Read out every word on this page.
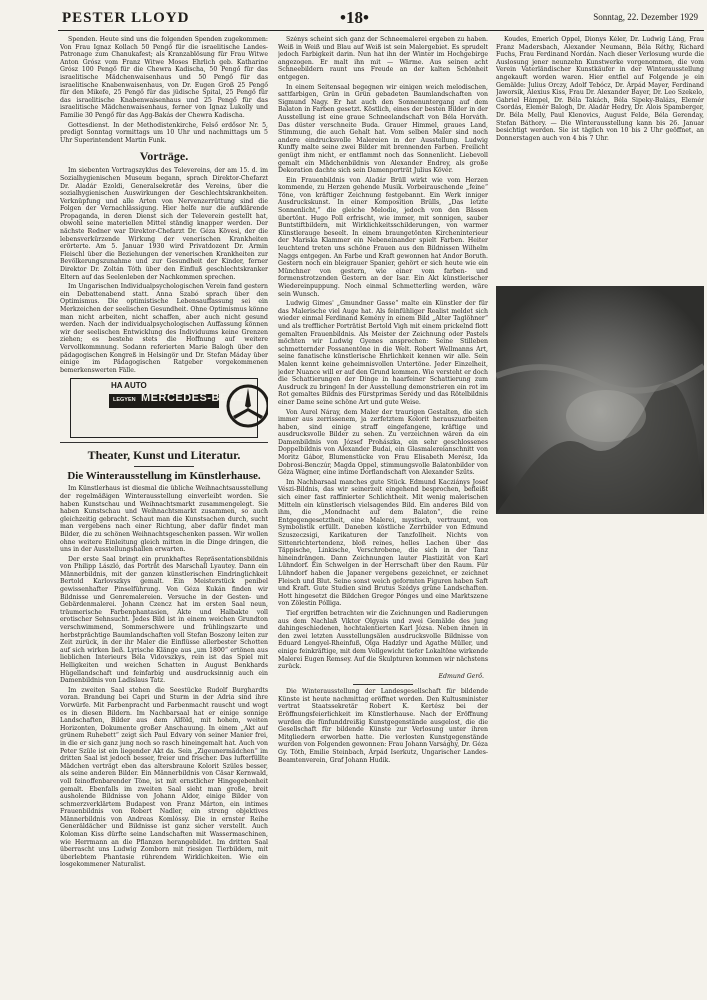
PESTER LLOYD	•18•	Sonntag, 22. Dezember 1929

Spenden. Heute sind uns die folgenden Spenden zugekommen: Von Frau Ignaz Kollach 50 Pengő für die israelitische Landes-Patronage zum Chanukafest; als Kranzablösung für Frau Witwe Anton Grósz vom Franz Witwe Moses Ehrlich geb. Katharine Grósz 100 Pengő für die Chewra Kadischa, 50 Pengő für das israelitische Mädchenwaisenhaus und 50 Pengő für das israelitische Knabenwaisenhaus, von Dr. Eugen Groß 25 Pengő für den Mikefe, 25 Pengő für das jüdische Spital, 25 Pengő für das israelitische Knabenwaisenhaus und 25 Pengő für das israelitische Mädchenwaisenhaus, ferner von Ignaz Lukolly und Familie 30 Pengő für das Agg-Bakás der Chewra Kadischa.

Gottesdienst. In der Methodistenkirche, Felső erdősor Nr. 5, predigt Sonntag vormittags um 10 Uhr und nachmittags um 5 Uhr Superintendent Martin Funk.

Vorträge.

Im siebenten Vortragszyklus des Televereins, der am 15. d. im Sozialhygienischen Museum begann, sprach Direktor-Chefarzt Dr. Aladár Ezoldi, Generalsekretär des Vereins, über die sozialhygienischen Auswirkungen der Geschlechtskrankheiten. Verknüpfung und alle Arten von Nervenzerrüttung sind die Folgen der Vernachlässigung. Hier helfe nur die aufklärende Propaganda, in deren Dienst sich der Televerein gestellt hat, obwohl seine materiellen Mittel ständig knapper werden. Der nächste Redner war Direktor-Chefarzt Dr. Géza Kövesi, der die lebensverkürzende Wirkung der venerischen Krankheiten erörterte. Am 5. Januar 1930 wird Privatdozent Dr. Armin Fleischl über die Beziehungen der venerischen Krankheiten zur Bevölkerungszunahme und zur Gesundheit der Kinder, ferner Direktor Dr. Zoltán Tóth über den Einfluß geschlechtskranker Eltern auf das Seelenleben der Nachkommen sprechen.

Im Ungarischen Individualpsychologischen Verein fand gestern ein Debattenabend statt. Anna Szabó sprach über den Optimismus. Die optimistische Lebensauffassung sei ein Merkzeichen der seelischen Gesundheit. Ohne Optimismus könne man nicht arbeiten, nicht schaffen, aber auch nicht gesund werden. Nach der individualpsychologischen Auffassung können wir der seelischen Entwicklung des Individuums keine Grenzen ziehen; es bestehe stets die Hoffnung auf weitere Vervollkommnung. Sodann referierten Marie Balogh über den pädagogischen Kongreß in Helsingör und Dr. Stefan Máday über einige im Pädagogischen Ratgeber vorgekommenen bemerkenswerten Fälle.

HA AUTO
LEGYEN MERCEDES-BENZ
Theater, Kunst und Literatur.
Die Winterausstellung im Künstlerhause.

Im Künstlerhaus ist diesmal die übliche Weihnachtsausstellung der regelmäßigen Winterausstellung einverleibt worden. Sie haben Kunstschau und Weihnachtsmarkt zusammengelegt. Sie haben Kunstschau und Weihnachtsmarkt zusammen, so auch gleichzeitig gebracht. Schaut man die Kunstsachen durch, sucht man vergebens nach einer Richtung, aber dafür findet man Bilder, die zu schönen Weihnachtsgeschenken passen. Wir wollen ohne weitere Einleitung gleich mitten in die Dinge dringen, die uns in der Ausstellungshallen erwarten.

Der erste Saal bringt ein prunkhaftes Repräsentationsbildnis von Philipp László, das Porträt des Marschall Lyautey. Dann ein Männerbildnis, mit der ganzen künstlerischen Eindringlichkeit Bertold Karlovszkys gemalt. Ein Meisterstück penibel gewissenhafter Pinselführung. Von Géza Kukán finden wir Bildnisse und Genremalereien. Versuche in der Gesten- und Gebärdenmalerei. Johann Czencz hat im ersten Saal neun, träumerische Farbenphantasien, Akte und Halbakte voll erotischer Sehnsucht. Jedes Bild ist in einem weichen Grundton verschwimmend, Sommerschwere und frühlingszarte und herbstprächtige Baumlandschaften voll Stefan Boszony leiten zur Zeit zurück, in der ihr Maler die Einflüsse allerbester Schotten auf sich wirken ließ. Lyrische Klänge aus „um 1800“ ertönen aus lieblichen Interieurs Béla Vidovszkys, rein ist das Spiel mit Helligkeiten und weichen Schatten in August Benkhards Hügellandschaft und feinfarbig und ausdrucksinnig auch ein Damenbildnis von Ladislaus Tatz.

Im zweiten Saal stehen die Seestücke Rudolf Burghardts voran. Brandung bei Capri und Sturm in der Adria sind ihre Vorwürfe. Mit Farbenpracht und Farbenmacht rauscht und wogt es in diesen Bildern. Im Nachbarsaal hat er einige sonnige Landschaften, Bilder aus dem Alföld, mit hohem, weiten Horizonten, Dokumente großer Anschauung. In einem „Akt auf grünem Ruhebett“ zeigt sich Paul Edvary von seiner Manier frei, in die er sich ganz jung noch so rasch hineingemalt hat. Auch von Peter Szüle ist ein liegender Akt da. Sein „Zigeunermädchen“ im dritten Saal ist jedoch besser, freier und frischer. Das lufterfüllte Mädchen verträgt eben das altersbraune Kolorit Szüles besser, als seine anderen Bilder. Ein Männerbildnis von Cäsar Kernwald, voll feinoffenbarender Töne, ist mit ernstlicher Hingegebenheit gemalt. Ebenfalls im zweiten Saal sieht man große, breit ausholende Bildnisse von Johann Aldor, einige Bilder von schmerzverklärtem Budapest von Franz Márton, ein intimes Frauenbildnis von Robert Nadler, ein streng objektives Männerbildnis von Andreas Komlóssy. Die in ernster Reihe Generäldächer und Bildnisse ist ganz sicher verstellt. Auch Koloman Kiss dürfte seine Landschaften mit Wassermaschinen, wie Herrmann an die Pflanzen herangebildet. Im dritten Saal überrascht uns Ludwig Zomborn mit riesigen Tierbildern, mit überlebtem Phantasie rührendem Wirklichkeiten. Wie ein losgekommener Naturalist.

Szénys scheint sich ganz der Schneemalerei ergeben zu haben. Weiß in Weiß und Blau auf Weiß ist sein Malergebiet. Es sprudelt jedoch Farbigkeit darin. Nun hat ihn der Winter im Hochgebirge angezogen. Er malt ihn mit — Wärme. Aus seinen acht Schneebildern raunt uns Freude an der kalten Schönheit entgegen.

In einem Seitensaal begegnen wir einigen weich melodischen, sattfarbigen, Grün in Grün gebadeten Baumlandschaften von Sigmund Nagy. Er hat auch den Sonnenuntergang auf dem Balaton in Farben gesetzt. Köstlich, eines der besten Bilder in der Ausstellung ist eine graue Schneelandschaft von Béla Horváth. Das düster verschneite Buda. Grauer Himmel, graues Land, Stimmung, die auch Gehalt hat. Vom selben Maler sind noch andere eindrucksvolle Malereien in der Ausstellung. Ludwig Kunffy malte seine zwei Bilder mit brennenden Farben. Freilicht genügt ihm nicht, er entflammt noch das Sonnenlicht. Liebevoll gemalt ein Mädchenbildnis von Alexander Endrey, als große Dekoration dachte sich sein Damenporträt Julius Kövér.

Ein Frauenbildnis von Aladár Brüll wirkt wie vom Herzen kommende, zu Herzen gehende Musik. Vorbeirauschende „feine“ Töne, von kräftiger Zeichnung festgebannt. Ein Werk inniger Ausdruckskunst. In einer Komposition Brülls, „Das letzte Sonnenlicht,“ die gleiche Melodie, jedoch von den Bässen übertönt. Hugo Poll erfrischt, wie immer, mit sonnigen, sauber Buntstiftbildern, mit Wirklichkeitsschilderungen, von warmer Künstlerauge beseelt. In einem braungetönten Kircheninterieur der Mariska Klammer ein Nebeneinander spielt Farben. Heiter leuchtend treten uns schöne Frauen aus den Bildnissen Wilhelm Naggs entgegen. An Farbe und Kraft gewonnen hat Andor Boruth. Gestern noch ein bleigrauer Spanier, gehört er sich heute wie ein Münchner von gestern, wie einer vom farben- und formenstrotzenden Gestern an der Isar. Ein Akt künstlerischer Wiedereinpuppung. Noch einmal Schmetterling werden, wäre sein Wunsch.

Ludwig Gimes' „Gmundner Gasse“ malte ein Künstler der für das Malerische viel Auge hat. Als feinfühliger Realist meldet sich wieder einmal Ferdinand Kemény in einem Bild „Alter Taglöhner“ und als trefflicher Porträtist Bertold Vigh mit einem prickelnd flott gemalten Frauenbildnis. Als Meister der Zeichnung oder Pastels möchten wir Ludwig Gyenes ansprechen: Seine Stilleben schmetternder Possanentöne in die Welt. Robert Wellmanns Art, seine fanatische künstlerische Ehrlichkeit kennen wir alle. Sein Malen kennt keine geheimnisvollen Untertöne. Jeder Einzelheit, jeder Nuance will er auf den Grund kommen. Wie versteht er doch die Schattierungen der Dinge in haarfeiner Schattierung zum Ausdruck zu bringen! In der Ausstellung demonstrieren ein rot im Rot gemaltes Bildnis des Fürstprimas Serédy und das Rötelbildnis einer Dame seine schöne Art und gute Weise.

Von Aurel Náray, dem Maler der traurigen Gestalten, die sich immer aus zerrissenem, ja zerfetztem Kolorit herauszuarbeiten haben, sind einige straff eingefangene, kräftige und ausdrucksvolle Bilder zu sehen. Zu verzeichnen wären da ein Damenbildnis von József Prohászka, ein sehr geschlossenes Doppelbildnis von Alexander Budai, ein Glasmalereianschnitt von Moritz Gábor, Blumenstücke von Frau Elisabeth Merész, Ida Dobrosi-Benczúr, Magda Oppel, stimmungsvolle Balatonbilder von Géza Wágner, eine intime Dorflandschaft von Alexander Szűts.

Im Nachbarsaal manches gute Stück. Edmund Kacziánys Josef Vészi-Bildnis, das wir seinerzeit eingehend besprochen, befleißt sich einer fast raffinierter Schlichtheit. Mit wenig malerischen Mitteln ein künstlerisch vielsagendes Bild. Ein anderes Bild von ihm, die „Mondnacht auf dem Balaton“, die reine Entgegengesetztheit, eine Malerei, mystisch, vertraumt, von Symbolistik erfüllt. Daneben köstliche Zerrbilder von Edmund Szuszeczsigi, Karikaturen der Tanzfollheit. Nichts von Sittenrichtertendenz, bloß reines, helles Lachen über das Täppische, Linkische, Verschrobene, die sich in der Tanz hineindrängen. Dann Zeichnungen lauter Plastizität von Karl Lühndorf. Ein Schwelgen in der Herrschaft über den Raum. Für Lühndorf haben die Japaner vergebens gezeichnet, er zeichnet Fleisch und Blut. Seine sonst weich geformten Figuren haben Saft und Kraft. Gute Studien sind Brutus Szédys grüne Landschaften. Hott hingesetzt die Bildchen Gregor Pónges und eine Marktszene von Zölestin Pólliga.

Tief ergriffen betrachten wir die Zeichnungen und Radierungen aus dem Nachlaß Viktor Olgyais und zwei Gemälde des jung dahingeschiedenen, hochtalentierten Karl Józsa. Neben ihnen in den zwei letzten Ausstellungsälen ausdrucksvolle Bildnisse von Eduard Lengyel-Rheinfuß, Olga Hadzlyr und Agathe Müller, und einige feinkräftige, mit dem Vollgewicht tiefer Lokaltöne wirkende Malerei Eugen Remsey. Auf die Skulpturen kommen wir nächstens zurück.

Edmund Gerő.

Die Winterausstellung der Landesgesellschaft für bildende Künste ist heute nachmittag eröffnet worden. Den Kultusminister vertrat Staatssekretär Robert K. Kertész bei der Eröffnungsfeierlichkeit im Künstlerhause. Nach der Eröffnung wurden die fünfunddreißig Kunstgegenstände ausgelost, die die Gesellschaft für bildende Künste zur Verlosung unter ihren Mitgliedern erworben hatte. Die verlosten Kunstgegenstände wurden von Folgenden gewonnen: Frau Johann Varsághy, Dr. Géza Gy. Tóth, Emilie Steinbach, Árpád Iserkutz, Ungarischer Landes-Beamtenverein, Graf Johann Hudik.

Koudes, Emerich Oppel, Dionys Kéler, Dr. Ludwig Láng, Frau Franz Madersbach, Alexander Neumann, Béla Réthy, Richard Fuchs, Frau Ferdinand Nordán. Nach dieser Verlosung wurde die Auslosung jener neunzehn Kunstwerke vorgenommen, die vom Verein Vaterländischer Kunstkäufer in der Winterausstellung angekauft worden waren. Hier entfiel auf Folgende je ein Gemälde: Julius Orczy, Adolf Tebócz, Dr. Árpád Mayer, Ferdinand Jaworsik, Alexius Kiss, Frau Dr. Alexander Bayer, Dr. Leo Szekelo, Gabriel Hámpel, Dr. Béla Takách, Béla Sipeky-Balázs, Elemér Csordás, Elemér Balogh, Dr. Aladár Hedry, Dr. Alois Spamberger, Dr. Béla Melly, Paul Klenovics, August Felde, Béla Gerenday, Stefan Báthory. — Die Winterausstellung kann bis 26. Januar besichtigt werden. Sie ist täglich von 10 bis 2 Uhr geöffnet, an Donnerstagen auch von 4 bis 7 Uhr.
